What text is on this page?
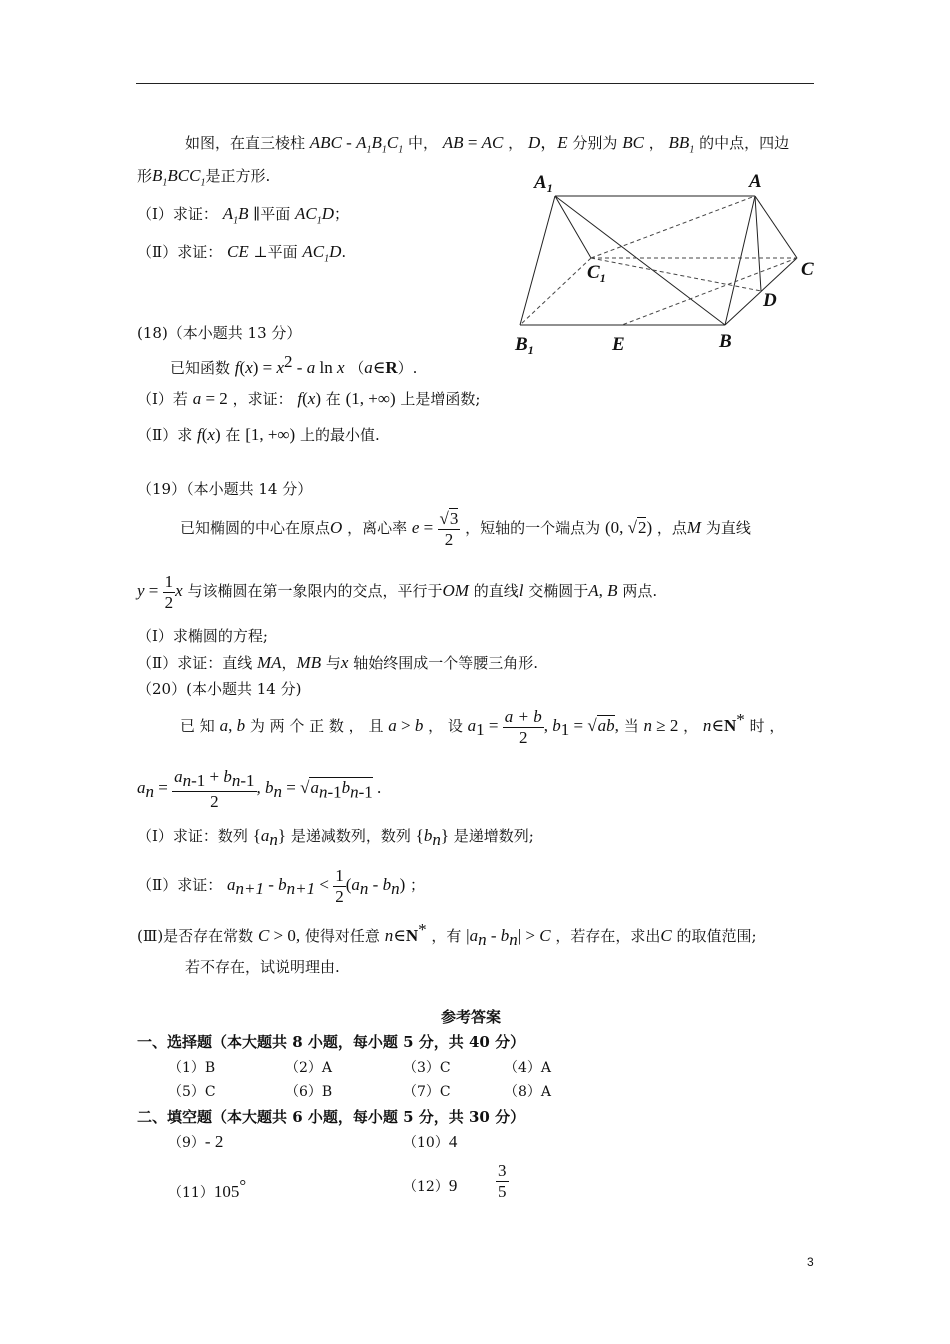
如图，在直三棱柱 ABC - $A_1B_1C_1$ 中， AB = AC ， D，E 分别为 BC ， $BB_1$ 的中点，四边
形$B_1BCC_1$是正方形.
（Ⅰ）求证： $A_1B$ ∥平面 $AC_1D$；
（Ⅱ）求证： CE ⊥平面 $AC_1D$.
$A_1$	A
$C_1$	C
D
$B_1$	E	B
(18)（本小题共 13 分）
已知函数 $f(x) = x^2 - a$ ln x （a∈R）.
（Ⅰ）若 a = 2 ，求证： f(x) 在 (1, +∞) 上是增函数;
（Ⅱ）求 f(x) 在 [1, +∞) 上的最小值.
（19）（本小题共 14 分）
已知椭圆的中心在原点O ，离心率 $e = \frac{√3}{2}$ ，短轴的一个端点为 (0, √2) ，点M 为直线
$y = \frac{1}{2}$ x 与该椭圆在第一象限内的交点，平行于OM 的直线l 交椭圆于A, B 两点.
（Ⅰ）求椭圆的方程;
（Ⅱ）求证：直线 MA，MB 与x 轴始终围成一个等腰三角形.
（20）(本小题共 14 分)
已 知 a, b 为 两 个 正 数 ， 且 a > b ， 设 $a_1 = \frac{a + b}{2}$ , $b_1 = √ab$, 当 n ≥ 2 ， n∈N* 时 ，
$a_n = \frac{a_{n-1} + b_{n-1}}{2}$ , $b_n = √a_{n-1}b_{n-1}$ .
（Ⅰ）求证：数列 $\{a_n\}$ 是递减数列，数列 $\{b_n\}$ 是递增数列;
（Ⅱ）求证： $a_{n+1} - b_{n+1} < \frac{1}{2} (a_n - b_n)$ ；
(Ⅲ)是否存在常数 C > 0, 使得对任意 n∈N* ，有 $|a_n - b_n| > C$ ，若存在，求出C 的取值范围;
若不存在，试说明理由.
参考答案
一、选择题（本大题共 8 小题，每小题 5 分，共 40 分）
（1）B	（2）A	（3）C	（4）A
（5）C	（6）B	（7）C	（8）A
二、填空题（本大题共 6 小题，每小题 5 分，共 30 分）
（9）- 2	（10）4
（11）105°	$(12)9 \frac{3}{5}$
3
